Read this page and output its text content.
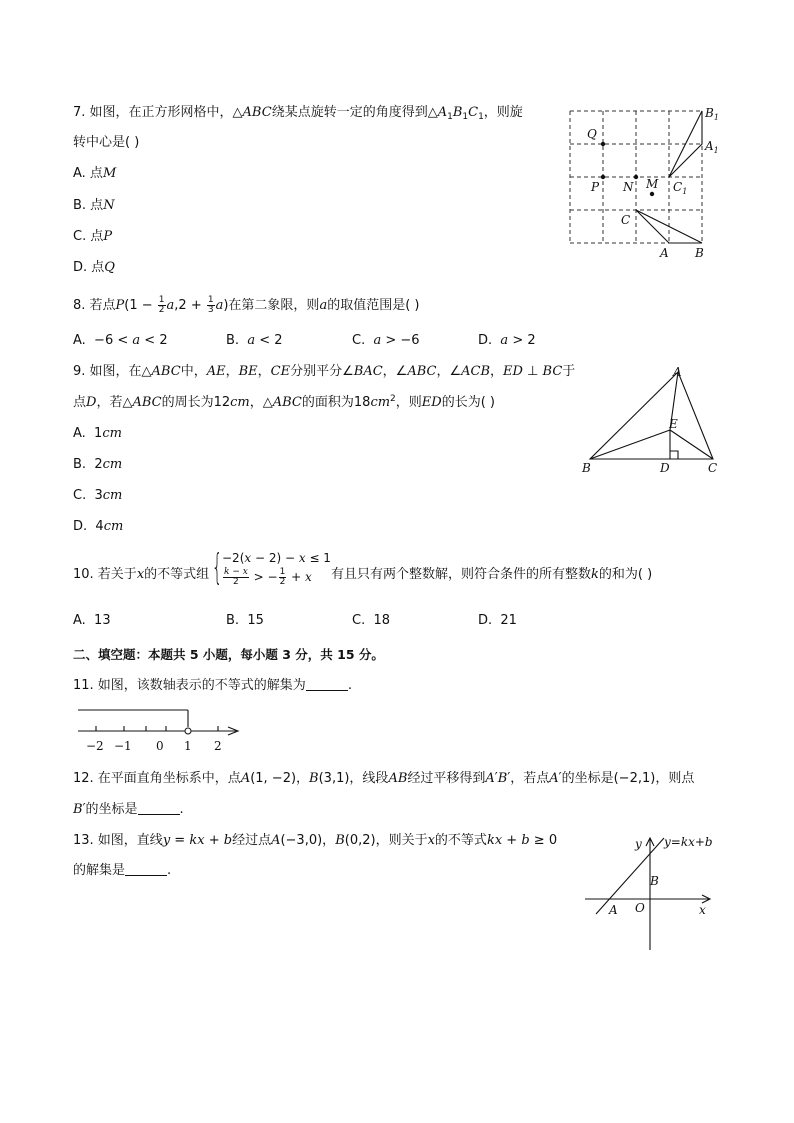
7. 如图，在正方形网格中，△ABC绕某点旋转一定的角度得到$\triangle A_1B_1C_1$，则旋
转中心是( )
A. 点M
B. 点N
C. 点P
D. 点Q
$B_1$
$A_1$
Q
P N M $C_1$
C
A B
8. 若点$P(1 - \frac{1}{2} a,2 + \frac{1}{3} a)$在第二象限，则a的取值范围是( )
A.  −6 < a < 2	B.  a < 2	C.  a > −6	D.  a > 2
9. 如图，在△ABC中，AE，BE，CE分别平分∠BAC，∠ABC，∠ACB，ED ⊥ BC于
点D，若△ABC的周长为12cm，△ABC的面积为$18cm^2$，则ED的长为( )
A.  1cm
B.  2cm
C.  3cm
D.  4cm
A
E
B	D	C
10. 若关于x的不等式组 { −2(x − 2) − x ≤ 1
$\frac{k - x}{2}$ > − $\frac{1}{2} + x$ 有且只有两个整数解，则符合条件的所有整数k的和为( )
A.  13	B.  15	C.  18	D.  21
二、填空题：本题共 5 小题，每小题 3 分，共 15 分。
11. 如图，该数轴表示的不等式的解集为	.
−2 −1 0 1 2
12. 在平面直角坐标系中，点A(1, −2)，B(3,1)，线段AB经过平移得到A′B′，若点A′的坐标是(−2,1)，则点
B′的坐标是	.
13. 如图，直线y = kx + b经过点A(−3,0)，B(0,2)，则关于x的不等式kx + b ≥ 0
的解集是	.
y y=kx+b
B
A O	x
